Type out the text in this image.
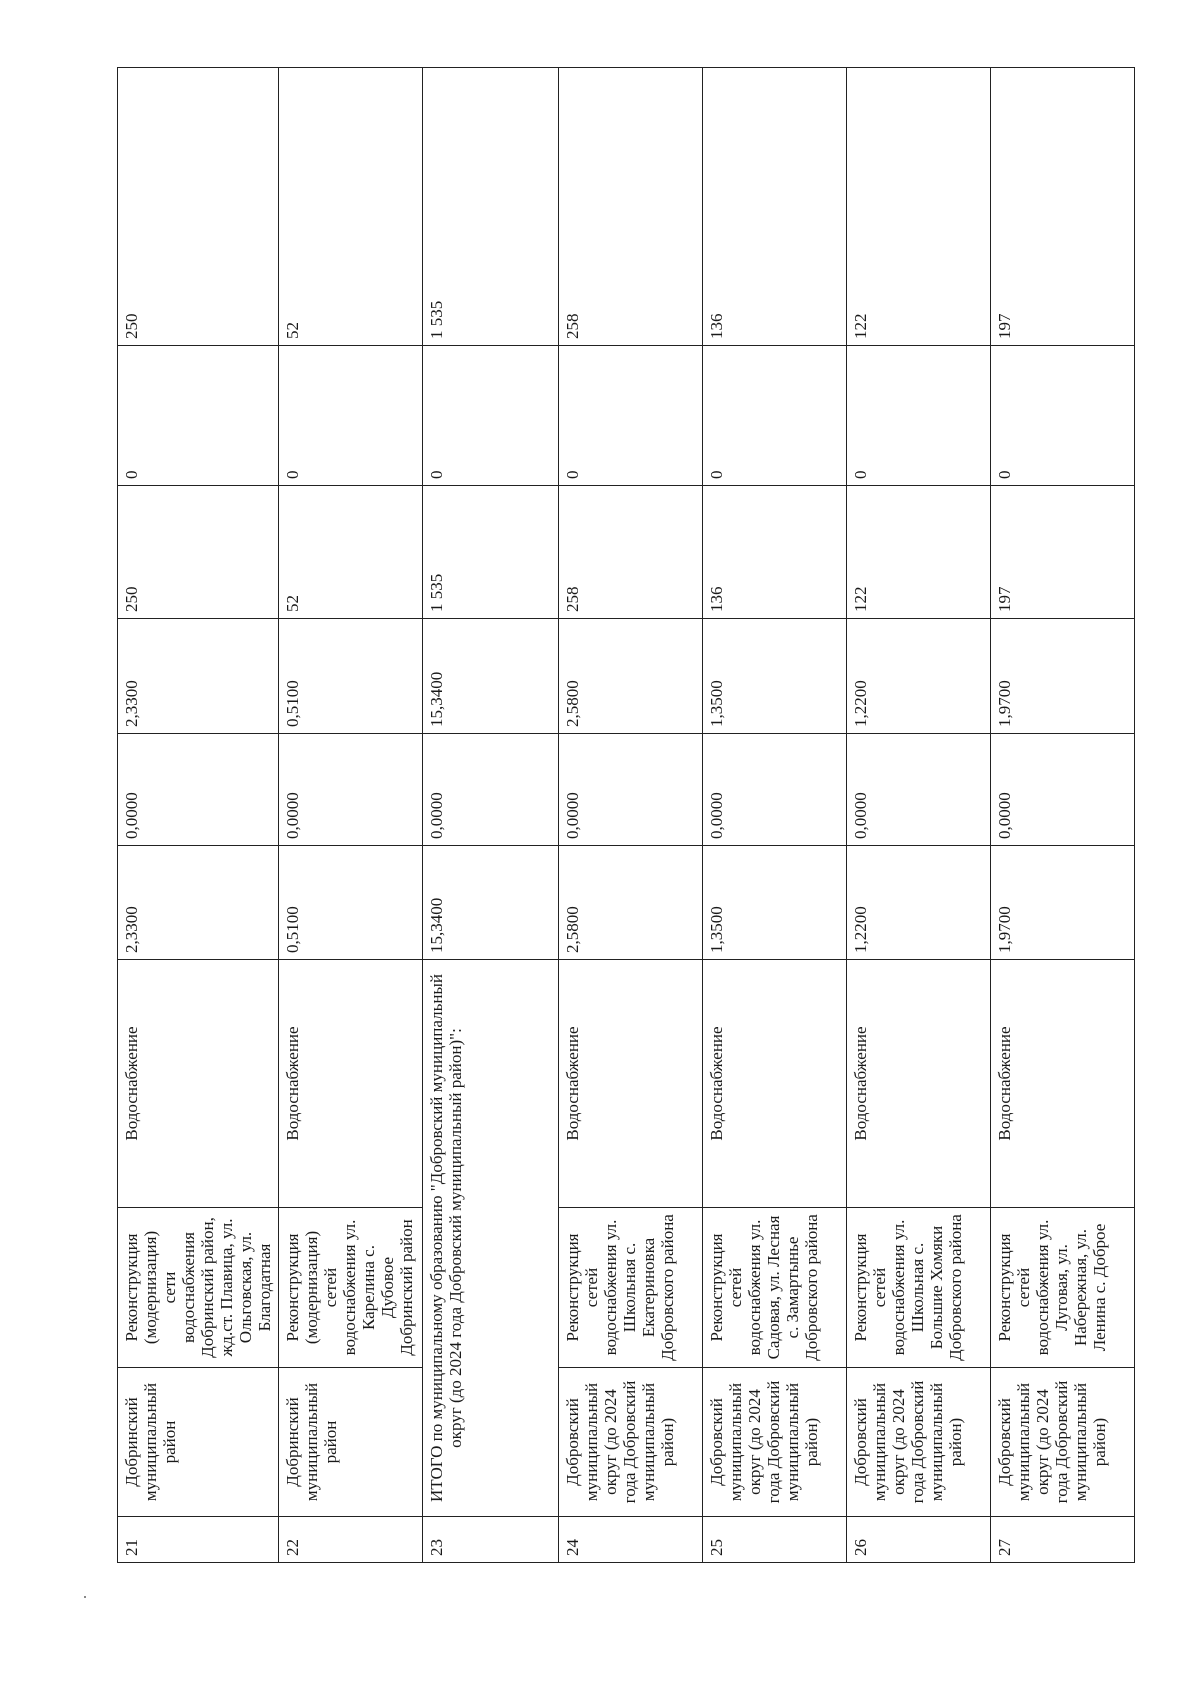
21	Добринский муниципальный район	Реконструкция (модернизация) сети водоснабжения Добринский район, жд.ст. Плавица, ул. Ольговская, ул. Благодатная	Водоснабжение	2,3300	0,0000	2,3300	250	0	250
22	Добринский муниципальный район	Реконструкция (модернизация) сетей водоснабжения ул. Карелина с. Дубовое Добринский район	Водоснабжение	0,5100	0,0000	0,5100	52	0	52
23	ИТОГО по муниципальному образованию "Добровский муниципальный округ (до 2024 года Добровский муниципальный район)":			15,3400	0,0000	15,3400	1 535	0	1 535
24	Добровский муниципальный округ (до 2024 года Добровский муниципальный район)	Реконструкция сетей водоснабжения ул. Школьная с. Екатериновка Добровского района	Водоснабжение	2,5800	0,0000	2,5800	258	0	258
25	Добровский муниципальный округ (до 2024 года Добровский муниципальный район)	Реконструкция сетей водоснабжения ул. Садовая, ул. Лесная с. Замартынье Добровского района	Водоснабжение	1,3500	0,0000	1,3500	136	0	136
26	Добровский муниципальный округ (до 2024 года Добровский муниципальный район)	Реконструкция сетей водоснабжения ул. Школьная с. Большие Хомяки Добровского района	Водоснабжение	1,2200	0,0000	1,2200	122	0	122
27	Добровский муниципальный округ (до 2024 года Добровский муниципальный район)	Реконструкция сетей водоснабжения ул. Луговая, ул. Набережная, ул. Ленина с. Доброе	Водоснабжение	1,9700	0,0000	1,9700	197	0	197
